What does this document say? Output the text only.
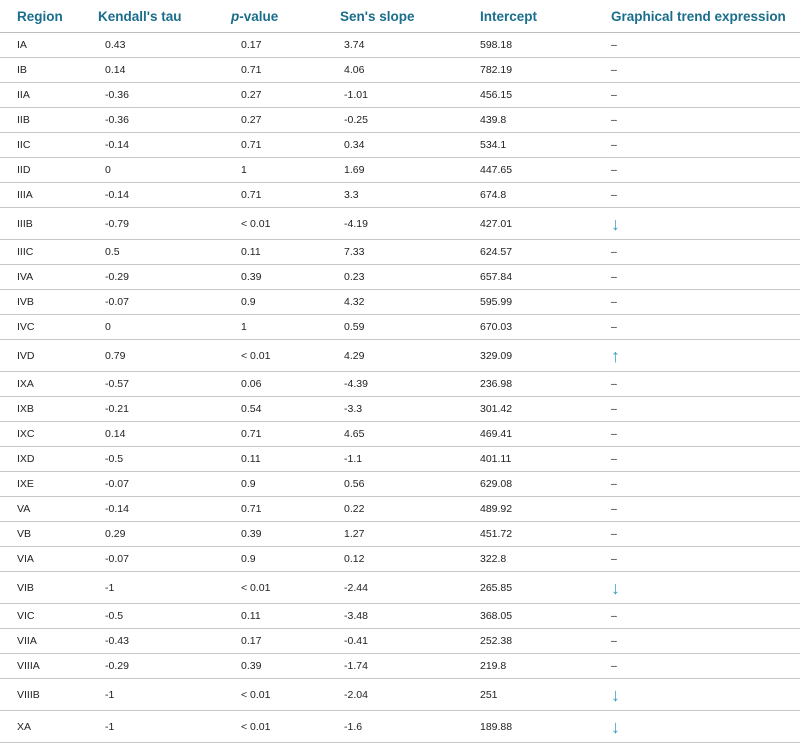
Region	Kendall's tau	p-value	Sen's slope	Intercept	Graphical trend expression
IA	0.43	0.17	3.74	598.18	–
IB	0.14	0.71	4.06	782.19	–
IIA	-0.36	0.27	-1.01	456.15	–
IIB	-0.36	0.27	-0.25	439.8	–
IIC	-0.14	0.71	0.34	534.1	–
IID	0	1	1.69	447.65	–
IIIA	-0.14	0.71	3.3	674.8	–
IIIB	-0.79	< 0.01	-4.19	427.01	↓
IIIC	0.5	0.11	7.33	624.57	–
IVA	-0.29	0.39	0.23	657.84	–
IVB	-0.07	0.9	4.32	595.99	–
IVC	0	1	0.59	670.03	–
IVD	0.79	< 0.01	4.29	329.09	↑
IXA	-0.57	0.06	-4.39	236.98	–
IXB	-0.21	0.54	-3.3	301.42	–
IXC	0.14	0.71	4.65	469.41	–
IXD	-0.5	0.11	-1.1	401.11	–
IXE	-0.07	0.9	0.56	629.08	–
VA	-0.14	0.71	0.22	489.92	–
VB	0.29	0.39	1.27	451.72	–
VIA	-0.07	0.9	0.12	322.8	–
VIB	-1	< 0.01	-2.44	265.85	↓
VIC	-0.5	0.11	-3.48	368.05	–
VIIA	-0.43	0.17	-0.41	252.38	–
VIIIA	-0.29	0.39	-1.74	219.8	–
VIIIB	-1	< 0.01	-2.04	251	↓
XA	-1	< 0.01	-1.6	189.88	↓
